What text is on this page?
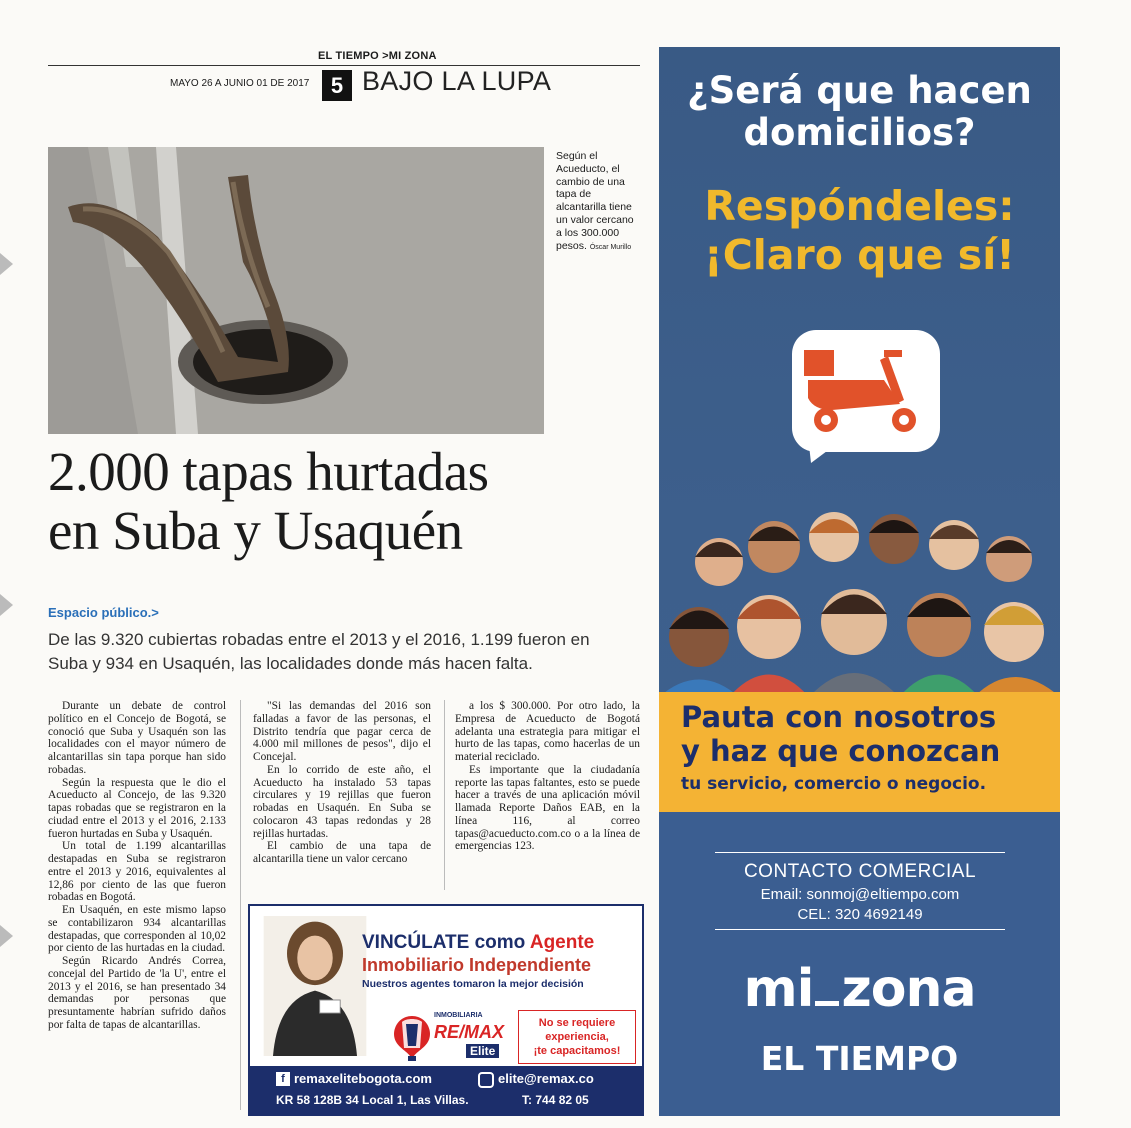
EL TIEMPO >MI ZONA
MAYO 26 A JUNIO 01 DE 2017 5 BAJO LA LUPA
Según el Acueducto, el cambio de una tapa de alcantarilla tiene un valor cercano a los 300.000 pesos. Óscar Murillo
2.000 tapas hurtadas
en Suba y Usaquén
Espacio público.>
De las 9.320 cubiertas robadas entre el 2013 y el 2016, 1.199 fueron en
Suba y 934 en Usaquén, las localidades donde más hacen falta.

Durante un debate de control político en el Concejo de Bogotá, se conoció que Suba y Usaquén son las localidades con el mayor número de alcantarillas sin tapa porque han sido robadas.

Según la respuesta que le dio el Acueducto al Concejo, de las 9.320 tapas robadas que se registraron en la ciudad entre el 2013 y el 2016, 2.133 fueron hurtadas en Suba y Usaquén.

Un total de 1.199 alcantarillas destapadas en Suba se registraron entre el 2013 y 2016, equivalentes al 12,86 por ciento de las que fueron robadas en Bogotá.

En Usaquén, en este mismo lapso se contabilizaron 934 alcantarillas destapadas, que corresponden al 10,02 por ciento de las hurtadas en la ciudad.

Según Ricardo Andrés Correa, concejal del Partido de 'la U', entre el 2013 y el 2016, se han presentado 34 demandas por personas que presuntamente habrían sufrido daños por falta de tapas de alcantarillas.

"Si las demandas del 2016 son falladas a favor de las personas, el Distrito tendría que pagar cerca de 4.000 mil millones de pesos", dijo el Concejal.

En lo corrido de este año, el Acueducto ha instalado 53 tapas circulares y 19 rejillas que fueron robadas en Usaquén. En Suba se colocaron 43 tapas redondas y 28 rejillas hurtadas.

El cambio de una tapa de alcantarilla tiene un valor cercano

a los $ 300.000. Por otro lado, la Empresa de Acueducto de Bogotá adelanta una estrategia para mitigar el hurto de las tapas, como hacerlas de un material reciclado.

Es importante que la ciudadanía reporte las tapas faltantes, esto se puede hacer a través de una aplicación móvil llamada Reporte Daños EAB, en la línea 116, al correo tapas@acueducto.com.co o a la línea de emergencias 123.

VINCÚLATE como Agente
Inmobiliario Independiente
Nuestros agentes tomaron la mejor decisión
INMOBILIARIA
RE/MAX
Elite
No se requiere
experiencia,
¡te capacitamos!
f remaxelitebogota.com	elite@remax.co
KR 58 128B 34 Local 1, Las Villas.	T: 744 82 05
¿Será que hacen
domicilios?
Respóndeles:
¡Claro que sí!
Pauta con nosotros
y haz que conozcan
tu servicio, comercio o negocio.
CONTACTO COMERCIAL
Email: sonmoj@eltiempo.com
CEL: 320 4692149
mi zona
EL TIEMPO
